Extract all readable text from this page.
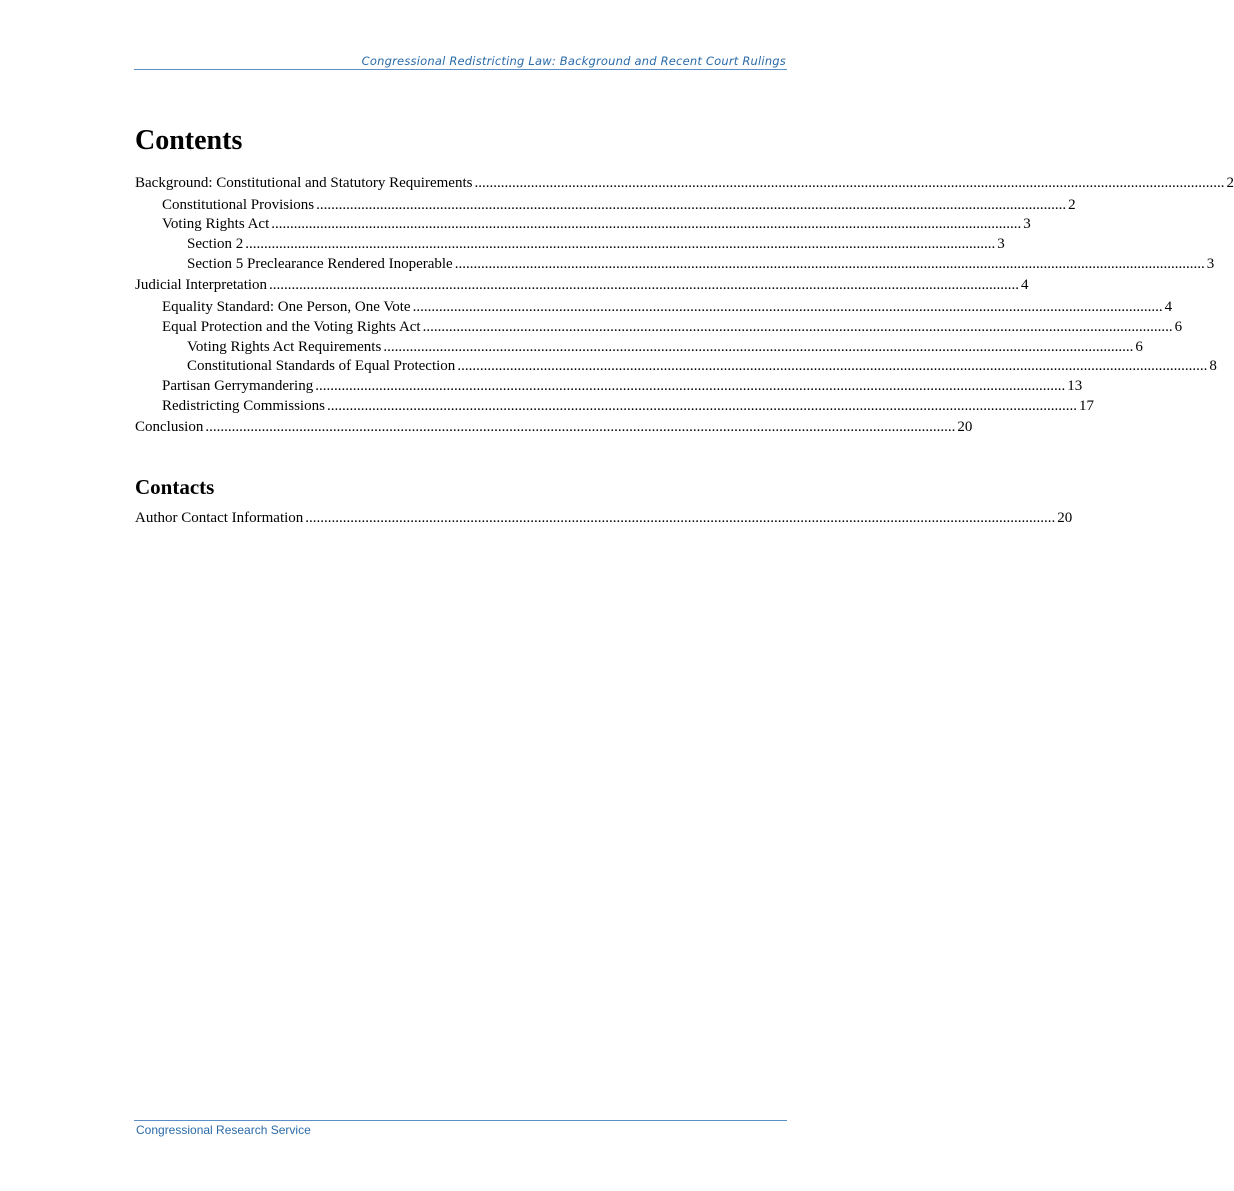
Congressional Redistricting Law: Background and Recent Court Rulings
Contents
Background: Constitutional and Statutory Requirements ........................................................................................................................................................................................................ 2
Constitutional Provisions ........................................................................................................................................................................................................ 2
Voting Rights Act ........................................................................................................................................................................................................ 3
Section 2 ........................................................................................................................................................................................................ 3
Section 5 Preclearance Rendered Inoperable ........................................................................................................................................................................................................ 3
Judicial Interpretation ........................................................................................................................................................................................................ 4
Equality Standard: One Person, One Vote ........................................................................................................................................................................................................ 4
Equal Protection and the Voting Rights Act ........................................................................................................................................................................................................ 6
Voting Rights Act Requirements ........................................................................................................................................................................................................ 6
Constitutional Standards of Equal Protection ........................................................................................................................................................................................................ 8
Partisan Gerrymandering ........................................................................................................................................................................................................ 13
Redistricting Commissions ........................................................................................................................................................................................................ 17
Conclusion ........................................................................................................................................................................................................ 20
Contacts
Author Contact Information ........................................................................................................................................................................................................ 20
Congressional Research Service
